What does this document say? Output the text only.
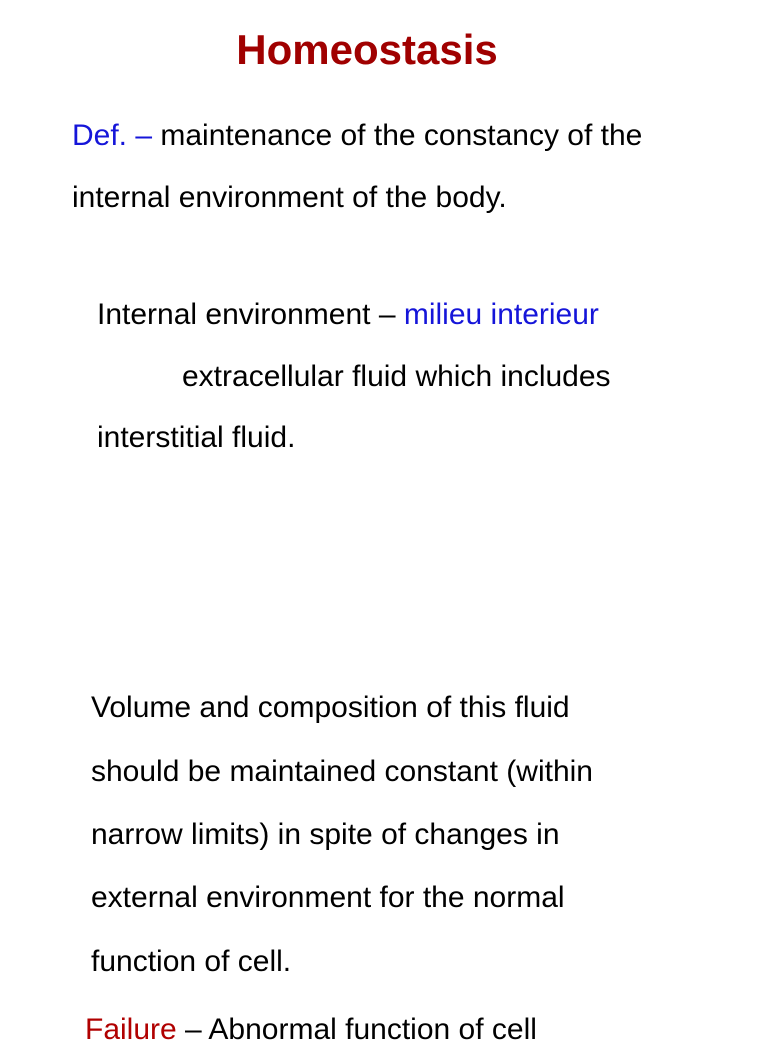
Homeostasis
Def. – maintenance of the constancy of the
internal environment of the body.
Internal environment – milieu interieur
extracellular fluid which includes
interstitial fluid.
Volume and composition of this fluid
should be maintained constant (within
narrow limits) in spite of changes in
external environment for the normal
function of cell.
Failure – Abnormal function of cell
